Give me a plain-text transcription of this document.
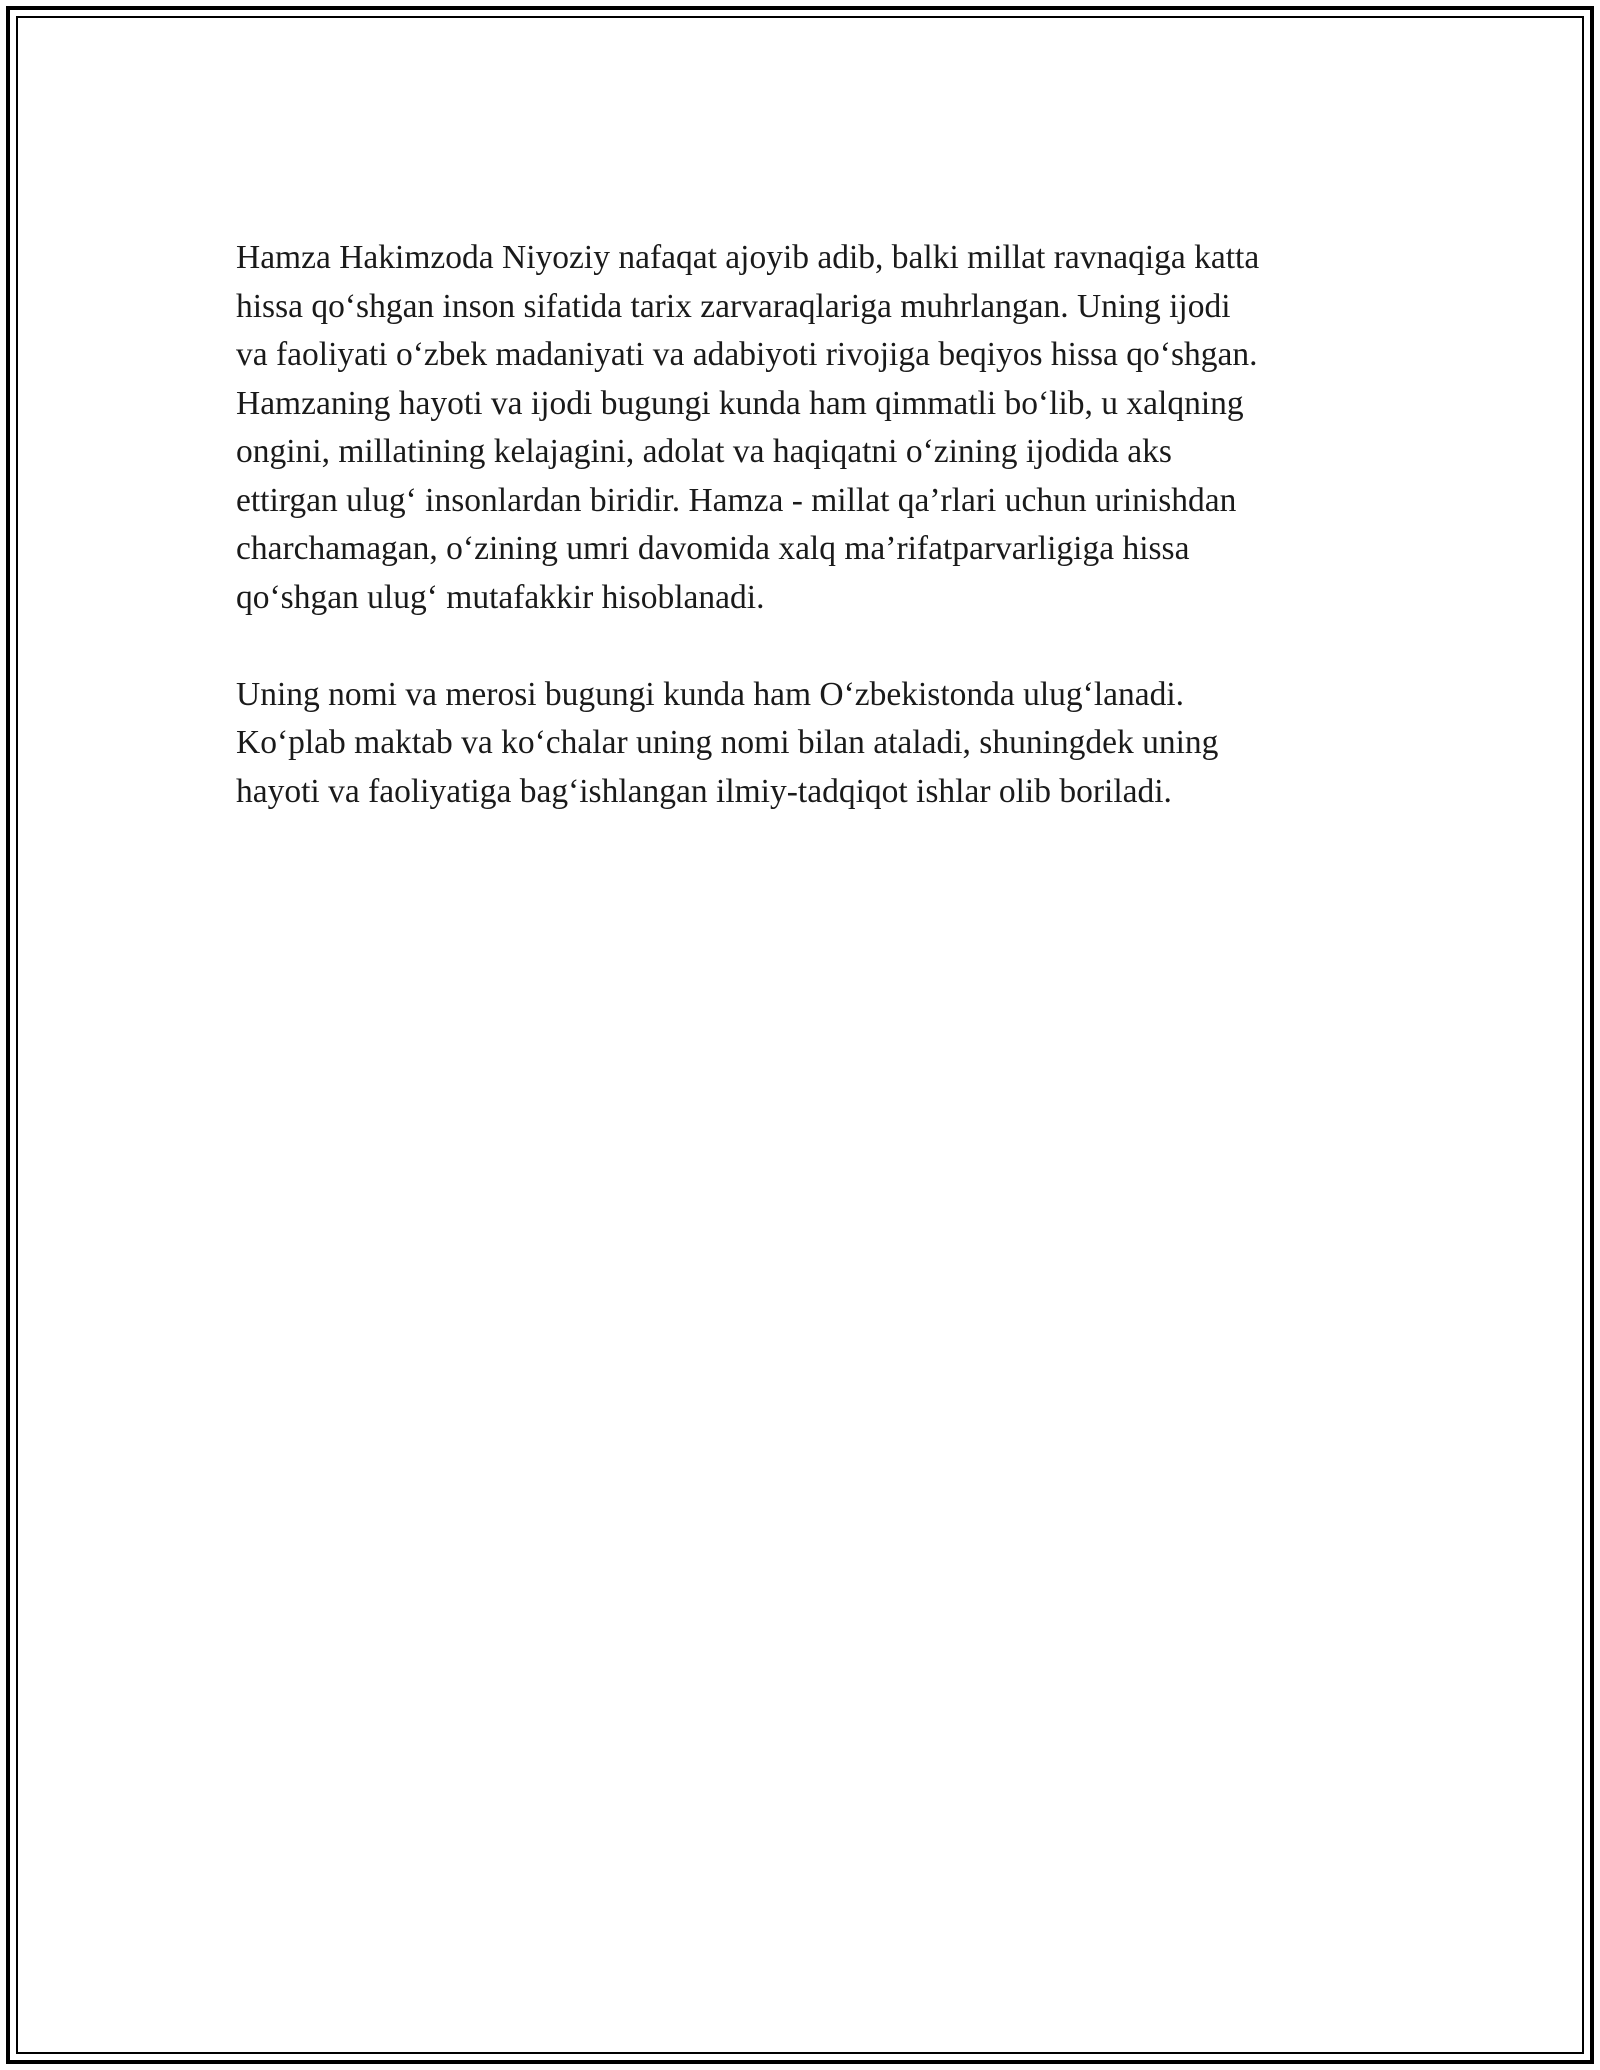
Hamza Hakimzoda Niyoziy nafaqat ajoyib adib, balki millat ravnaqiga katta
hissa qo‘shgan inson sifatida tarix zarvaraqlariga muhrlangan. Uning ijodi
va faoliyati o‘zbek madaniyati va adabiyoti rivojiga beqiyos hissa qo‘shgan.
Hamzaning hayoti va ijodi bugungi kunda ham qimmatli bo‘lib, u xalqning
ongini, millatining kelajagini, adolat va haqiqatni o‘zining ijodida aks
ettirgan ulug‘ insonlardan biridir. Hamza - millat qa’rlari uchun urinishdan
charchamagan, o‘zining umri davomida xalq ma’rifatparvarligiga hissa
qo‘shgan ulug‘ mutafakkir hisoblanadi.

Uning nomi va merosi bugungi kunda ham O‘zbekistonda ulug‘lanadi.
Ko‘plab maktab va ko‘chalar uning nomi bilan ataladi, shuningdek uning
hayoti va faoliyatiga bag‘ishlangan ilmiy-tadqiqot ishlar olib boriladi.
